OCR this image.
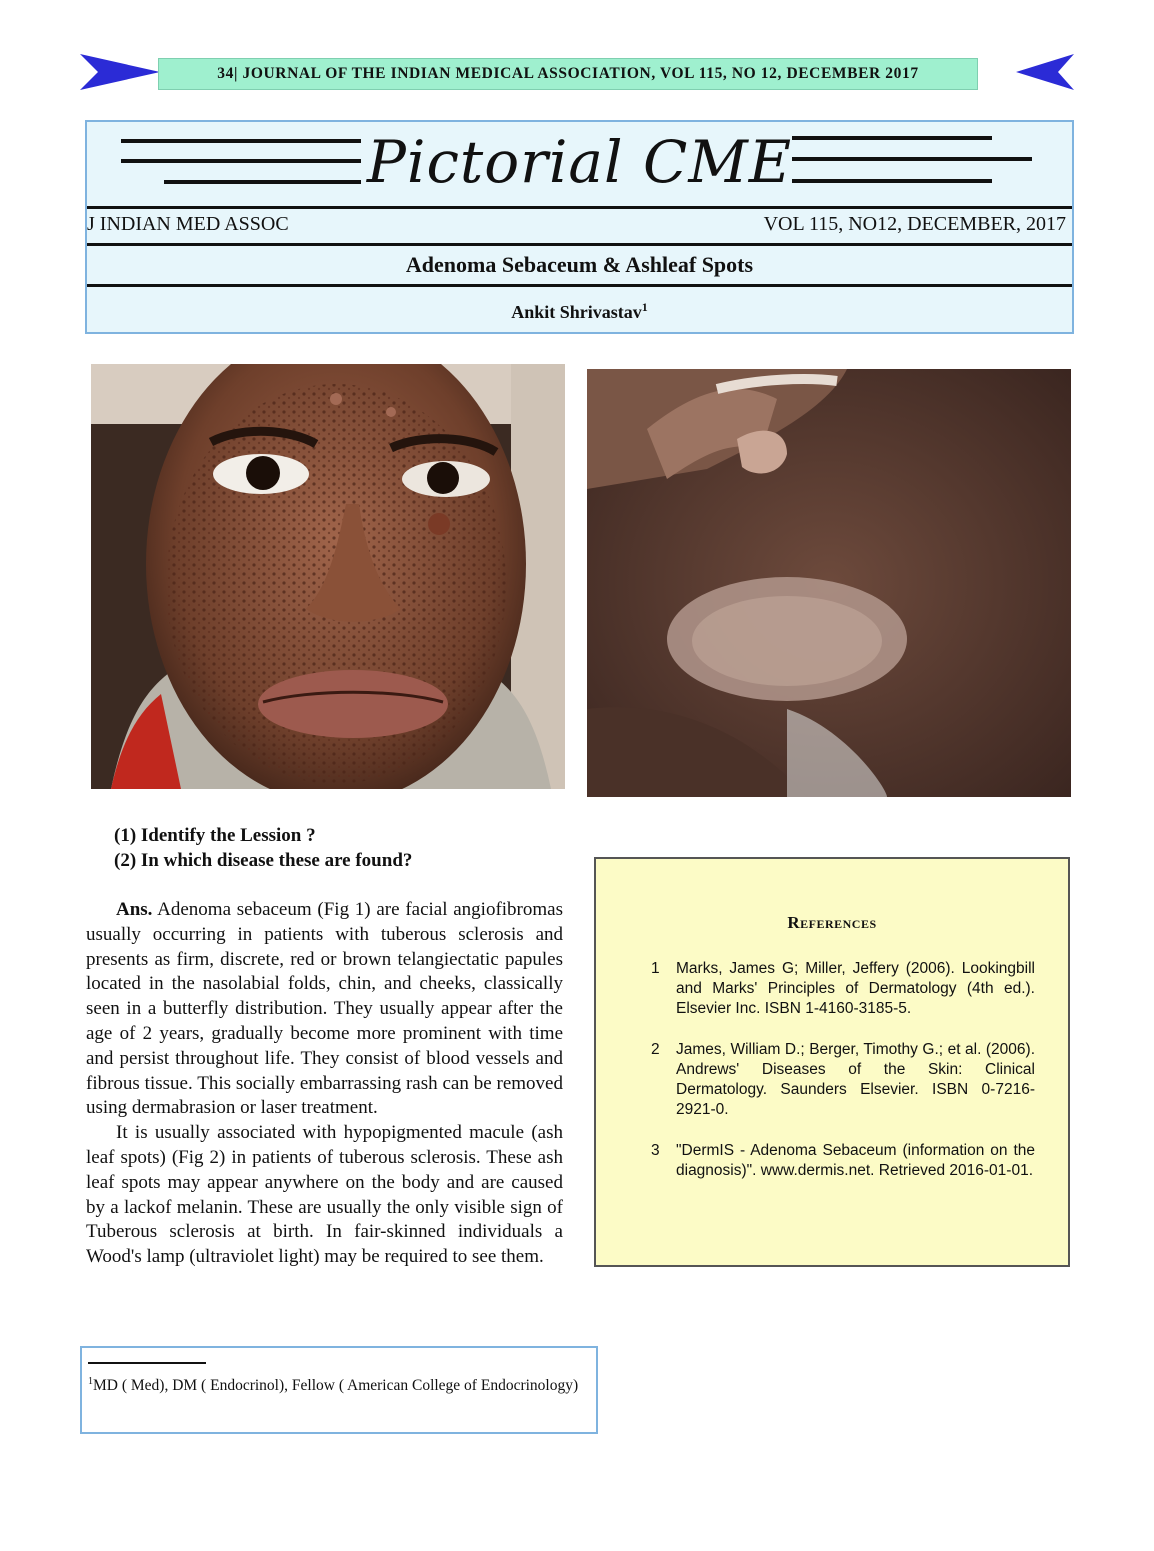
34| JOURNAL OF THE INDIAN MEDICAL ASSOCIATION, VOL 115, NO 12, DECEMBER 2017
Pictorial CME
J INDIAN MED ASSOC	VOL 115, NO12, DECEMBER, 2017
Adenoma Sebaceum & Ashleaf Spots
Ankit Shrivastav$^1$
(1) Identify the Lession ?
(2) In which disease these are found?

Ans. Adenoma sebaceum (Fig 1) are facial angiofibromas usually occurring in patients with tuberous sclerosis and presents as firm, discrete, red or brown telangiectatic papules located in the nasolabial folds, chin, and cheeks, classically seen in a butterfly distribution. They usually appear after the age of 2 years, gradually become more prominent with time and persist throughout life. They consist of blood vessels and fibrous tissue. This socially embarrassing rash can be removed using dermabrasion or laser treatment.

It is usually associated with hypopigmented macule (ash leaf spots) (Fig 2) in patients of tuberous sclerosis. These ash leaf spots may appear anywhere on the body and are caused by a lackof melanin. These are usually the only visible sign of Tuberous sclerosis at birth. In fair-skinned individuals a Wood's lamp (ultraviolet light) may be required to see them.

$^1$MD ( Med), DM ( Endocrinol), Fellow ( American College of Endocrinology)
References
1 Marks, James G; Miller, Jeffery (2006). Lookingbill and Marks' Principles of Dermatology (4th ed.). Elsevier Inc. ISBN 1-4160-3185-5.
2 James, William D.; Berger, Timothy G.; et al. (2006). Andrews' Diseases of the Skin: Clinical Dermatology. Saunders Elsevier. ISBN 0-7216-2921-0.
3 "DermIS - Adenoma Sebaceum (information on the diagnosis)". www.dermis.net. Retrieved 2016-01-01.
